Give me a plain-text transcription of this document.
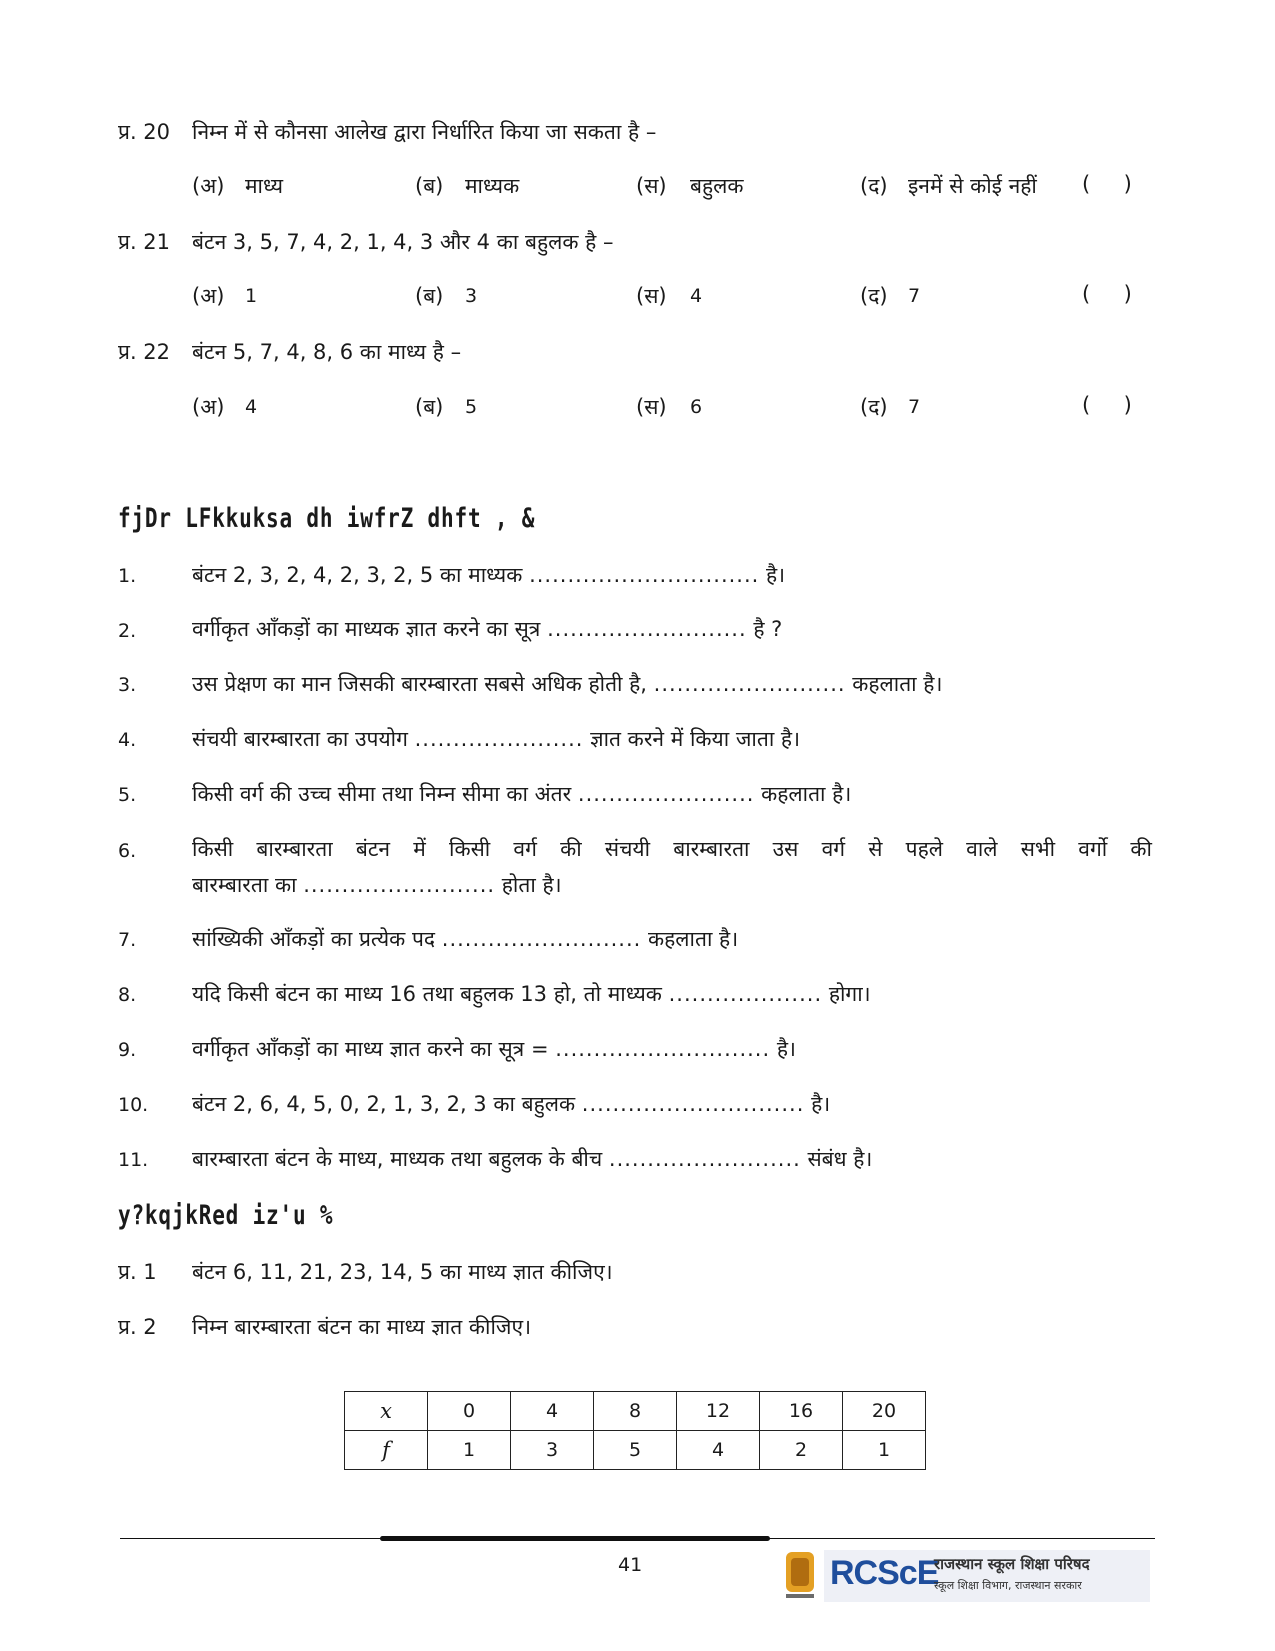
प्र. 20 निम्न में से कौनसा आलेख द्वारा निर्धारित किया जा सकता है –
(अ) माध्य	(ब) माध्यक	(स) बहुलक	(द) इनमें से कोई नहीं (     )
प्र. 21 बंटन 3, 5, 7, 4, 2, 1, 4, 3 और 4 का बहुलक है –
(अ) 1	(ब) 3	(स) 4	(द) 7	(     )
प्र. 22 बंटन 5, 7, 4, 8, 6 का माध्य है –
(अ) 4	(ब) 5	(स) 6	(द) 7	(     )
fjDr LFkkuksa dh iwfrZ dhft , &
1.	बंटन 2, 3, 2, 4, 2, 3, 2, 5 का माध्यक .............................. है।
2.	वर्गीकृत आँकड़ों का माध्यक ज्ञात करने का सूत्र .......................... है ?
3.	उस प्रेक्षण का मान जिसकी बारम्बारता सबसे अधिक होती है, ......................... कहलाता है।
4.	संचयी बारम्बारता का उपयोग ...................... ज्ञात करने में किया जाता है।
5.	किसी वर्ग की उच्च सीमा तथा निम्न सीमा का अंतर ....................... कहलाता है।
6.	किसी बारम्बारता बंटन में किसी वर्ग की संचयी बारम्बारता उस वर्ग से पहले वाले सभी वर्गो की
बारम्बारता का ......................... होता है।
7.	सांख्यिकी आँकड़ों का प्रत्येक पद .......................... कहलाता है।
8.	यदि किसी बंटन का माध्य 16 तथा बहुलक 13 हो, तो माध्यक .................... होगा।
9.	वर्गीकृत आँकड़ों का माध्य ज्ञात करने का सूत्र = ............................ है।
10. बंटन 2, 6, 4, 5, 0, 2, 1, 3, 2, 3 का बहुलक ............................. है।
11. बारम्बारता बंटन के माध्य, माध्यक तथा बहुलक के बीच ......................... संबंध है।
y?kqjkRed iz'u %
प्र. 1 बंटन 6, 11, 21, 23, 14, 5 का माध्य ज्ञात कीजिए।
प्र. 2 निम्न बारम्बारता बंटन का माध्य ज्ञात कीजिए।
x	0	4	8	12	16	20
f	1	3	5	4	2	1
41	RCScE
राजस्थान स्कूल शिक्षा परिषद
स्कूल शिक्षा विभाग, राजस्थान सरकार
